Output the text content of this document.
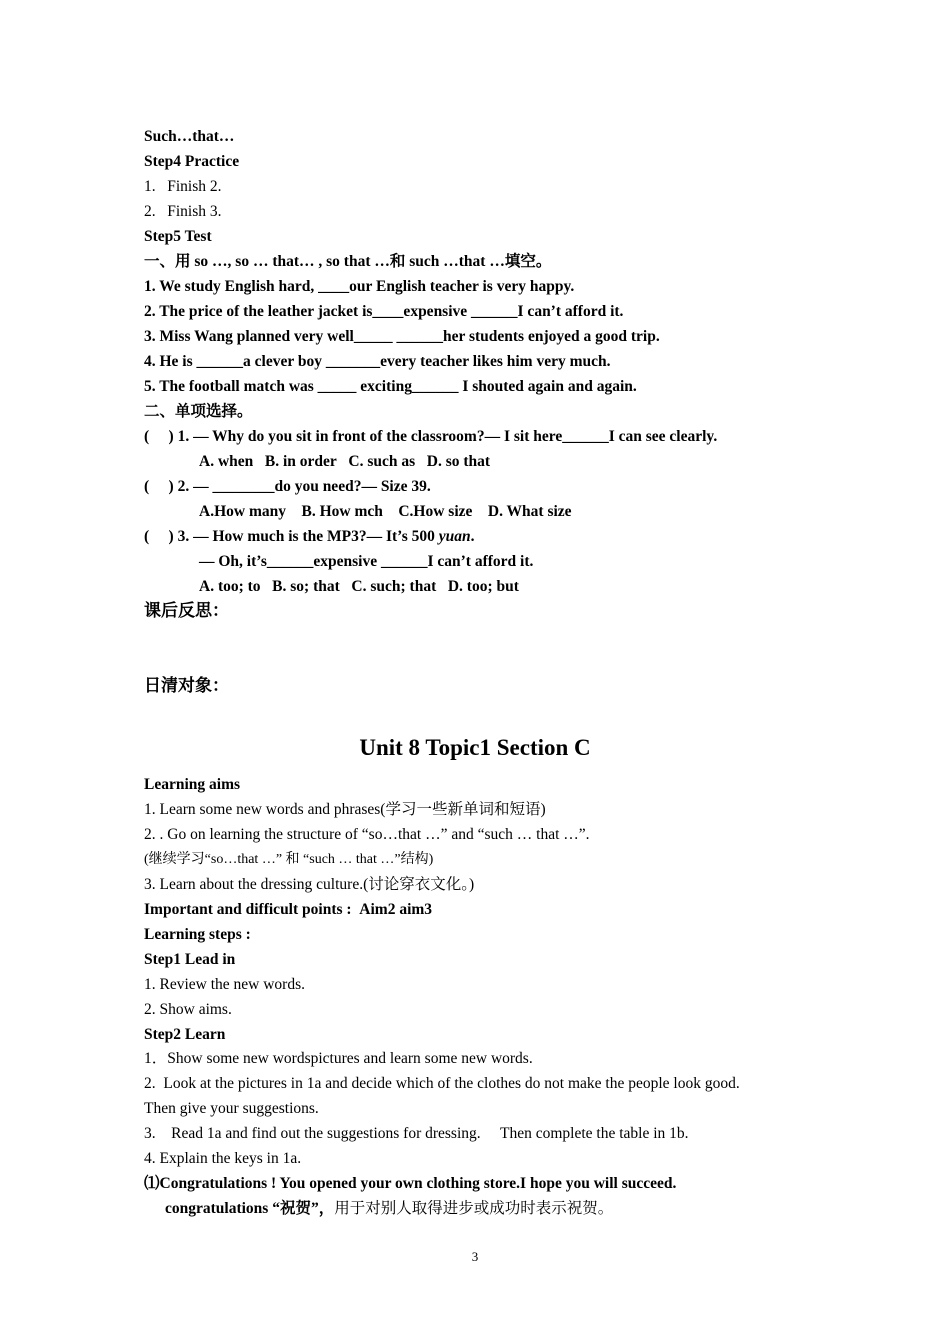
Such…that…
Step4 Practice
1.   Finish 2.
2.   Finish 3.
Step5 Test
一、用 so …, so … that… , so that …和 such …that …填空。
1. We study English hard, ____our English teacher is very happy.
2. The price of the leather jacket is____expensive ______I can’t afford it.
3. Miss Wang planned very well_____ ______her students enjoyed a good trip.
4. He is ______a clever boy _______every teacher likes him very much.
5. The football match was _____ exciting______ I shouted again and again.
二、单项选择。
(     ) 1. — Why do you sit in front of the classroom?— I sit here______I can see clearly.
A. when   B. in order   C. such as   D. so that
(     ) 2. — ________do you need?— Size 39.
A.How many    B. How mch    C.How size    D. What size
(     ) 3. — How much is the MP3?— It’s 500 yuan.
— Oh, it’s______expensive ______I can’t afford it.
A. too; to   B. so; that   C. such; that   D. too; but
课后反思：
日清对象：
Unit 8 Topic1 Section C
Learning aims
1. Learn some new words and phrases(学习一些新单词和短语)
2. . Go on learning the structure of “so…that …” and “such … that …”.
(继续学习“so…that …” 和 “such … that …”结构)
3. Learn about the dressing culture.(讨论穿衣文化。)
Important and difficult points :  Aim2 aim3
Learning steps :
Step1 Lead in
1. Review the new words.
2. Show aims.
Step2 Learn
1．Show some new wordspictures and learn some new words.
2.  Look at the pictures in 1a and decide which of the clothes do not make the people look good.
Then give your suggestions.
3.    Read 1a and find out the suggestions for dressing.     Then complete the table in 1b.
4. Explain the keys in 1a.
⑴Congratulations ! You opened your own clothing store.I hope you will succeed.
congratulations “祝贺”，用于对别人取得进步或成功时表示祝贺。
3
